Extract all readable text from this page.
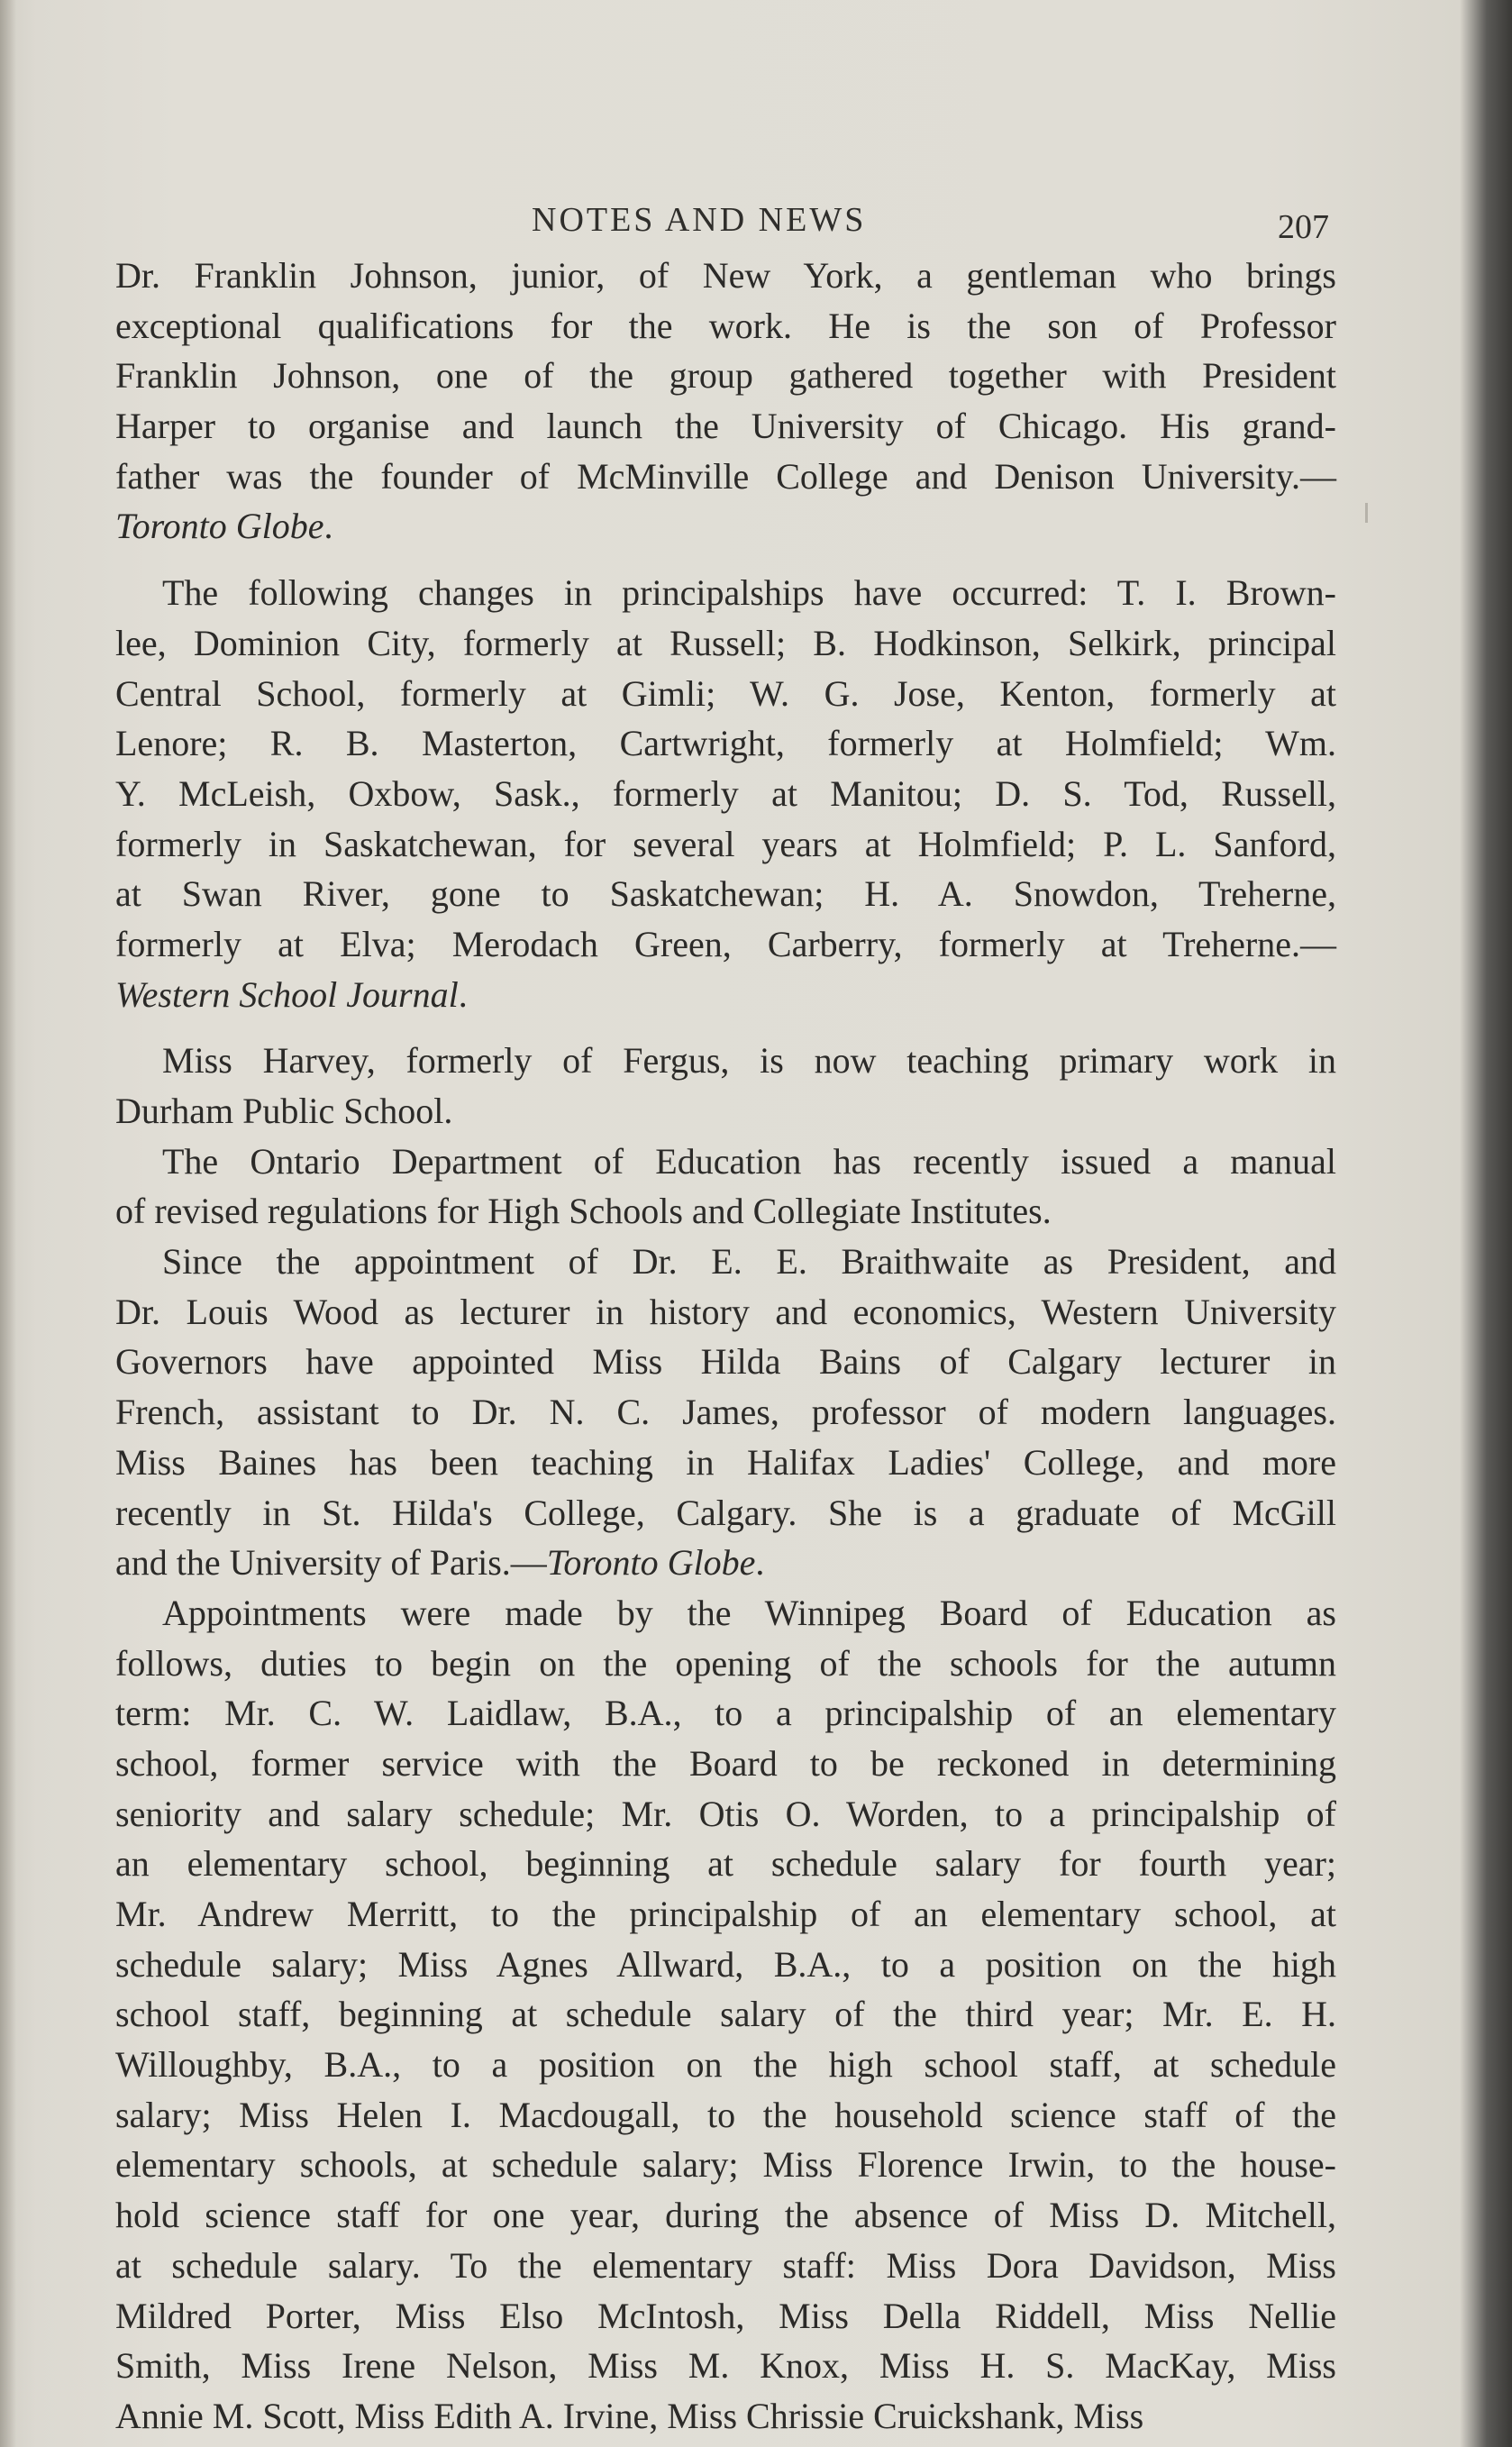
NOTES AND NEWS	207
Dr. Franklin Johnson, junior, of New York, a gentleman who brings
exceptional qualifications for the work. He is the son of Professor
Franklin Johnson, one of the group gathered together with President
Harper to organise and launch the University of Chicago. His grand-
father was the founder of McMinville College and Denison University.—
Toronto Globe.
The following changes in principalships have occurred: T. I. Brown-
lee, Dominion City, formerly at Russell; B. Hodkinson, Selkirk, principal
Central School, formerly at Gimli; W. G. Jose, Kenton, formerly at
Lenore; R. B. Masterton, Cartwright, formerly at Holmfield; Wm.
Y. McLeish, Oxbow, Sask., formerly at Manitou; D. S. Tod, Russell,
formerly in Saskatchewan, for several years at Holmfield; P. L. Sanford,
at Swan River, gone to Saskatchewan; H. A. Snowdon, Treherne,
formerly at Elva; Merodach Green, Carberry, formerly at Treherne.—
Western School Journal.
Miss Harvey, formerly of Fergus, is now teaching primary work in
Durham Public School.
The Ontario Department of Education has recently issued a manual
of revised regulations for High Schools and Collegiate Institutes.
Since the appointment of Dr. E. E. Braithwaite as President, and
Dr. Louis Wood as lecturer in history and economics, Western University
Governors have appointed Miss Hilda Bains of Calgary lecturer in
French, assistant to Dr. N. C. James, professor of modern languages.
Miss Baines has been teaching in Halifax Ladies' College, and more
recently in St. Hilda's College, Calgary. She is a graduate of McGill
and the University of Paris.—Toronto Globe.
Appointments were made by the Winnipeg Board of Education as
follows, duties to begin on the opening of the schools for the autumn
term: Mr. C. W. Laidlaw, B.A., to a principalship of an elementary
school, former service with the Board to be reckoned in determining
seniority and salary schedule; Mr. Otis O. Worden, to a principalship of
an elementary school, beginning at schedule salary for fourth year;
Mr. Andrew Merritt, to the principalship of an elementary school, at
schedule salary; Miss Agnes Allward, B.A., to a position on the high
school staff, beginning at schedule salary of the third year; Mr. E. H.
Willoughby, B.A., to a position on the high school staff, at schedule
salary; Miss Helen I. Macdougall, to the household science staff of the
elementary schools, at schedule salary; Miss Florence Irwin, to the house-
hold science staff for one year, during the absence of Miss D. Mitchell,
at schedule salary. To the elementary staff: Miss Dora Davidson, Miss
Mildred Porter, Miss Elso McIntosh, Miss Della Riddell, Miss Nellie
Smith, Miss Irene Nelson, Miss M. Knox, Miss H. S. MacKay, Miss
Annie M. Scott, Miss Edith A. Irvine, Miss Chrissie Cruickshank, Miss
